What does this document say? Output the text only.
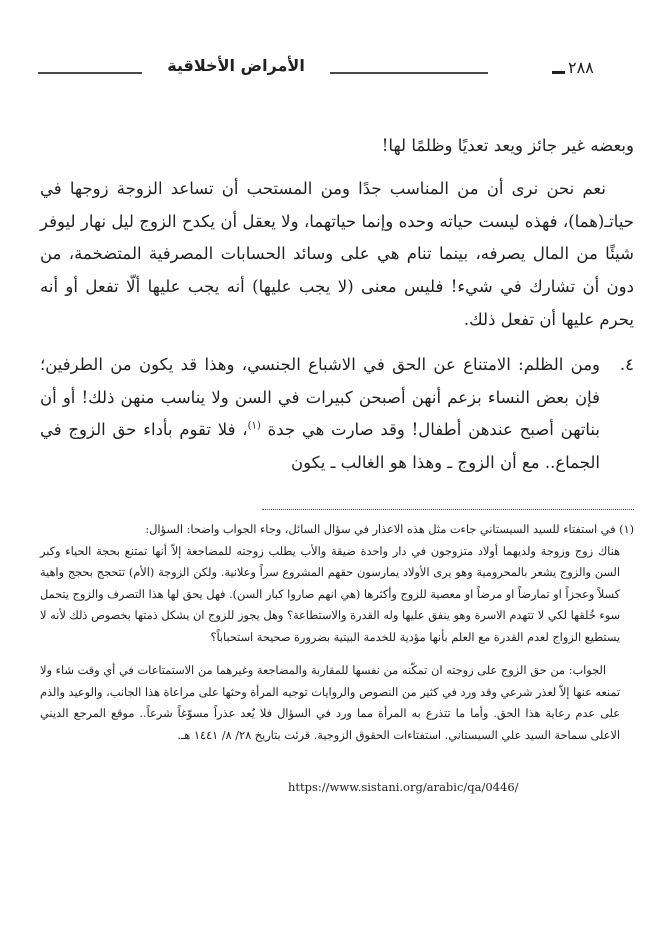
الأمراض الأخلاقية	٢٨٨

وبعضه غير جائز ويعد تعديًا وظلمًا لها!

نعم نحن نرى أن من المناسب جدًا ومن المستحب أن تساعد الزوجة زوجها في حياتـ(هما)، فهذه ليست حياته وحده وإنما حياتهما، ولا يعقل أن يكدح الزوج ليل نهار ليوفر شيئًا من المال يصرفه، بينما تنام هي على وسائد الحسابات المصرفية المتضخمة، من دون أن تشارك في شيء! فليس معنى (لا يجب عليها) أنه يجب عليها ألّا تفعل أو أنه يحرم عليها أن تفعل ذلك.

٤.
ومن الظلم: الامتناع عن الحق في الاشباع الجنسي، وهذا قد يكون من الطرفين؛ فإن بعض النساء بزعم أنهن أصبحن كبيرات في السن ولا يناسب منهن ذلك! أو أن بناتهن أصبح عندهن أطفال! وقد صارت هي جدة $^{(١)}$، فلا تقوم بأداء حق الزوج في الجماع.. مع أن الزوج ـ وهذا هو الغالب ـ يكون

(١) في استفتاء للسيد السيستاني جاءت مثل هذه الاعذار في سؤال السائل، وجاء الجواب واضحا: السؤال:
هناك زوج وزوجة ولديهما أولاد متزوجون في دار واحدة ضيقة والأب يطلب زوجته للمضاجعة إلاّ أنها تمتنع بحجة الحياء وكبر السن والزوج يشعر بالمحرومية وهو يرى الأولاد يمارسون حقهم المشروع سراً وعلانية. ولكن الزوجة (الأم) تتحجج بحجج واهية كسلاً وعجزاً او تمارضاً او مرضاً او معصية للزوج وأكثرها (هي انهم صاروا كبار السن). فهل يحق لها هذا التصرف والزوج يتحمل سوء خُلقها لكي لا تتهدم الاسرة وهو ينفق عليها وله القدرة والاستطاعة؟ وهل يجوز للزوج ان يشكل ذمتها بخصوص ذلك لأنه لا يستطيع الزواج لعدم القدرة مع العلم بأنها مؤدية للخدمة البيتية بضرورة صحيحة استحباباً؟

الجواب: من حق الزوج على زوجته ان تمكّنه من نفسها للمقاربة والمضاجعة وغيرهما من الاستمتاعات في أي وقت شاء ولا تمنعه عنها إلاّ لعذر شرعي وقد ورد في كثير من النصوص والروايات توجيه المرأة وحثها على مراعاة هذا الجانب، والوعيد والذم على عدم رعاية هذا الحق. وأما ما تتذرع به المرأة مما ورد في السؤال فلا يُعد عذراً مسوّغاً شرعاً.. موقع المرجع الديني الاعلى سماحة السيد علي السيستاني. استفتاءات الحقوق الزوجية. قرئت بتاريخ ٢٨/ ٨/ ١٤٤١ هـ.

https://www.sistani.org/arabic/qa/0446/
